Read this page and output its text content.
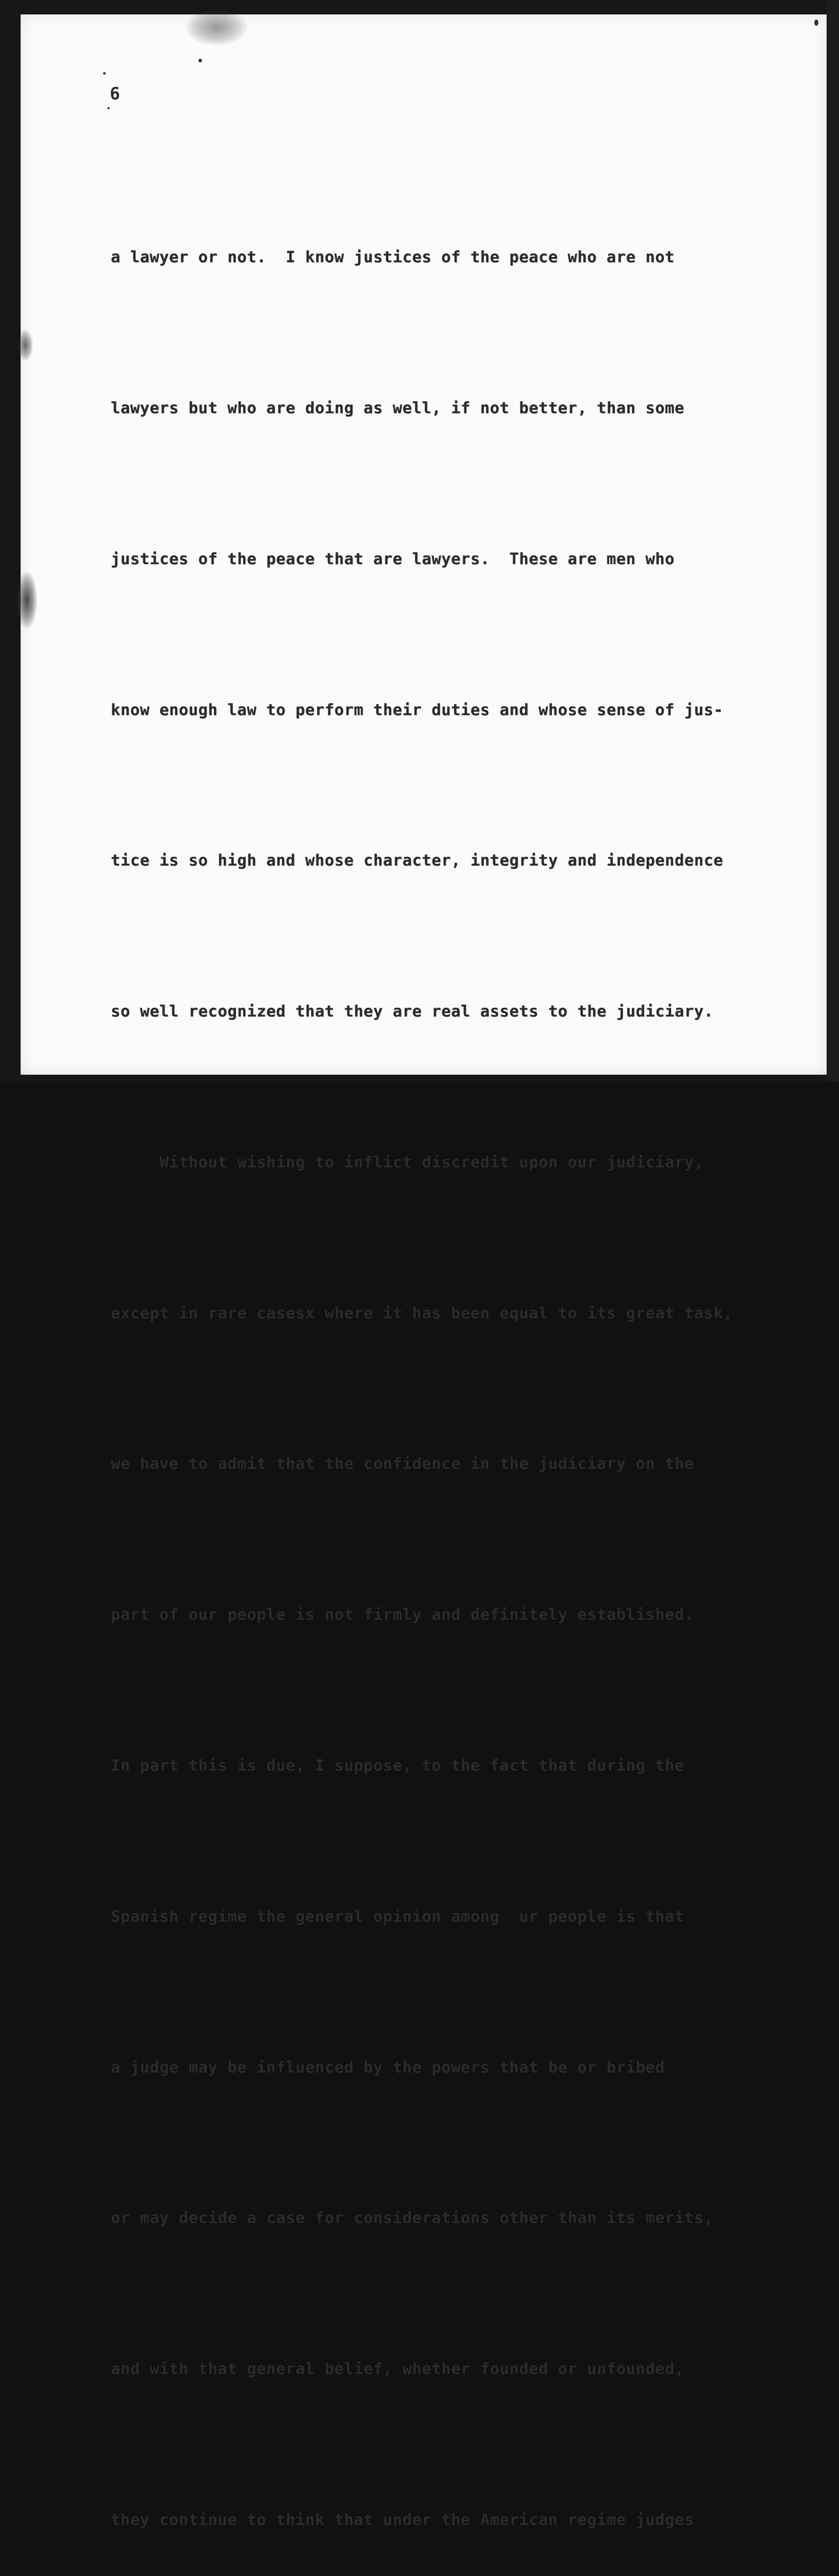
6

a lawyer or not.  I know justices of the peace who are not

lawyers but who are doing as well, if not better, than some

justices of the peace that are lawyers.  These are men who

know enough law to perform their duties and whose sense of jus-

tice is so high and whose character, integrity and independence

so well recognized that they are real assets to the judiciary.

Without wishing to inflict discredit upon our judiciary,

except in rare casesx where it has been equal to its great task,

we have to admit that the confidence in the judiciary on the

part of our people is not firmly and definitely established.

In part this is due, I suppose, to the fact that during the

Spanish regime the general opinion among  ur people is that

a judge may be influenced by the powers that be or bribed

or may decide a case for considerations other than its merits,

and with that general belief, whether founded or unfounded,

they continue to think that under the American regime judges
